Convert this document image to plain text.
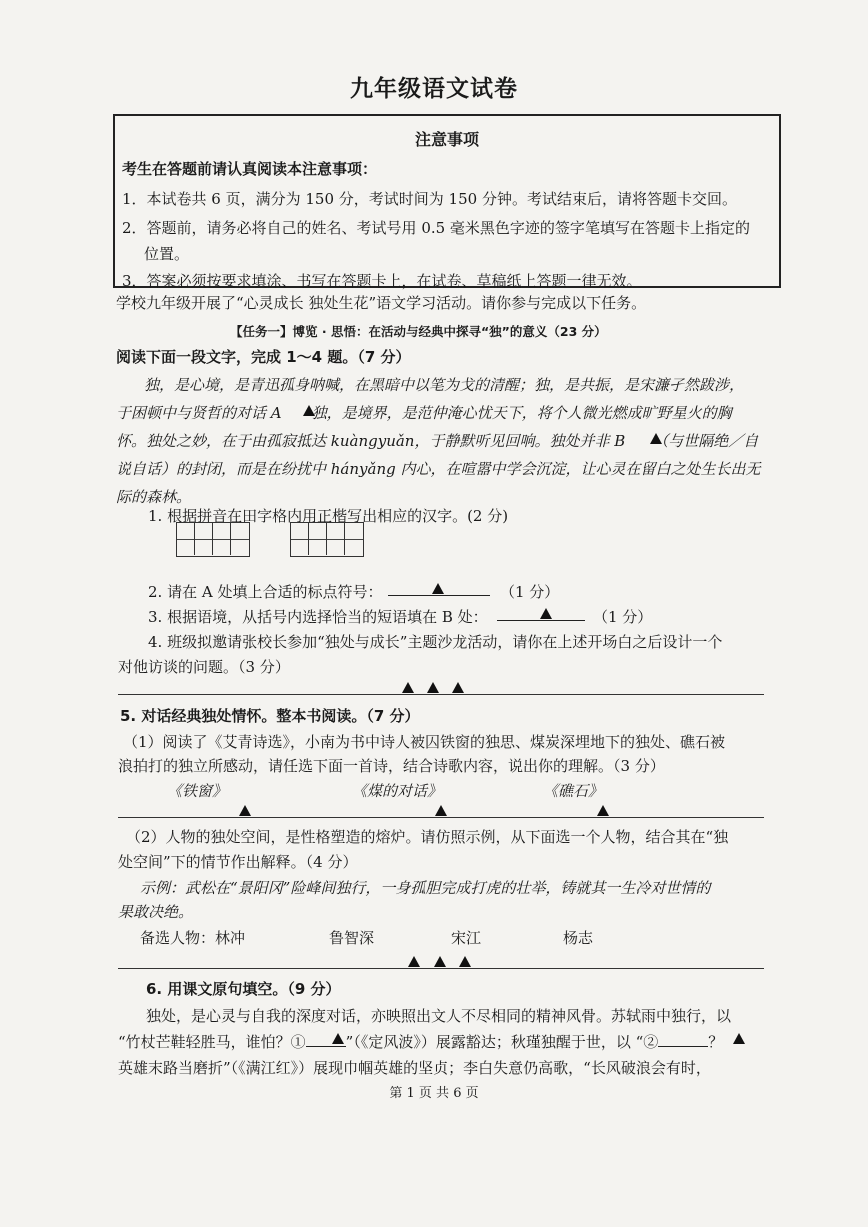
九年级语文试卷
注意事项
考生在答题前请认真阅读本注意事项：
1．本试卷共 6 页，满分为 150 分，考试时间为 150 分钟。考试结束后，请将答题卡交回。
2．答题前，请务必将自己的姓名、考试号用 0.5 毫米黑色字迹的签字笔填写在答题卡上指定的
位置。
3．答案必须按要求填涂、书写在答题卡上，在试卷、草稿纸上答题一律无效。
学校九年级开展了“心灵成长 独处生花”语文学习活动。请你参与完成以下任务。
【任务一】博览 · 思悟：在活动与经典中探寻“独”的意义（23 分）
阅读下面一段文字，完成 1～4 题。（7 分）
独，是心境，是青迅孤身呐喊，在黑暗中以笔为戈的清醒；独，是共振，是宋濂孑然跋涉，
于困顿中与贤哲的对话 A 独，是境界，是范仲淹心忧天下，将个人微光燃成旷野星火的胸
怀。独处之妙，在于由孤寂抵达 kuàngyuǎn，于静默听见回响。独处并非 B （与世隔绝／自
说自话）的封闭，而是在纷扰中 hányǎng 内心，在喧嚣中学会沉淀，让心灵在留白之处生长出无
际的森林。
1. 根据拼音在田字格内用正楷写出相应的汉字。(2 分)
2. 请在 A 处填上合适的标点符号：	（1 分）
3. 根据语境，从括号内选择恰当的短语填在 B 处：	（1 分）
4. 班级拟邀请张校长参加“独处与成长”主题沙龙活动，请你在上述开场白之后设计一个
对他访谈的问题。（3 分）
5. 对话经典独处情怀。整本书阅读。（7 分）
（1）阅读了《艾青诗选》，小南为书中诗人被囚铁窗的独思、煤炭深埋地下的独处、礁石被
浪拍打的独立所感动，请任选下面一首诗，结合诗歌内容，说出你的理解。（3 分）
《铁窗》	《煤的对话》	《礁石》
（2）人物的独处空间，是性格塑造的熔炉。请仿照示例，从下面选一个人物，结合其在“独
处空间”下的情节作出解释。（4 分）
示例：武松在“景阳冈”险峰间独行，一身孤胆完成打虎的壮举，铸就其一生冷对世情的
果敢决绝。
备选人物： 林冲	鲁智深	宋江	杨志
6. 用课文原句填空。（9 分）
独处，是心灵与自我的深度对话，亦映照出文人不尽相同的精神风骨。苏轼雨中独行，以
“竹杖芒鞋轻胜马，谁怕？①	”（《定风波》）展露豁达；秋瑾独醒于世，以 “②	？
英雄末路当磨折”（《满江红》）展现巾帼英雄的坚贞；李白失意仍高歌，“长风破浪会有时，
第 1 页 共 6 页
